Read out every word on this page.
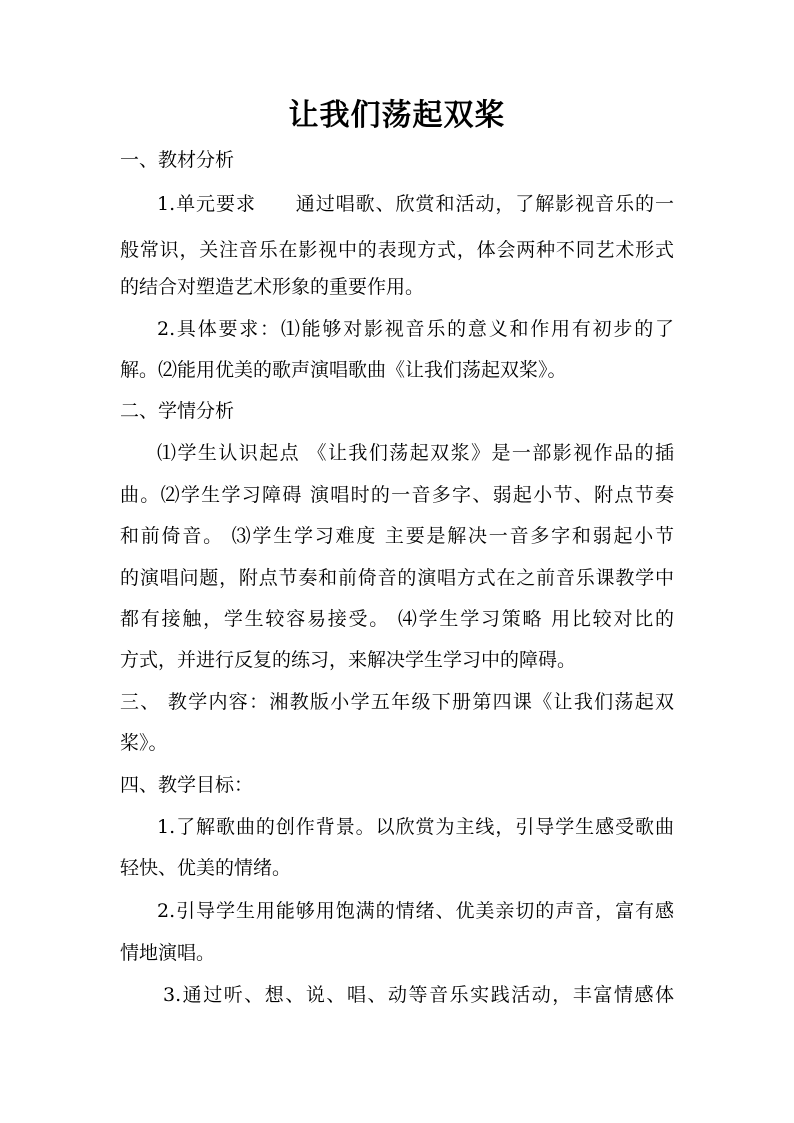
让我们荡起双桨
一、教材分析
1.单元要求　　通过唱歌、欣赏和活动，了解影视音乐的一
般常识，关注音乐在影视中的表现方式，体会两种不同艺术形式
的结合对塑造艺术形象的重要作用。
2.具体要求：⑴能够对影视音乐的意义和作用有初步的了
解。⑵能用优美的歌声演唱歌曲《让我们荡起双桨》。
二、学情分析
⑴学生认识起点 《让我们荡起双浆》是一部影视作品的插
曲。⑵学生学习障碍 演唱时的一音多字、弱起小节、附点节奏
和前倚音。 ⑶学生学习难度 主要是解决一音多字和弱起小节
的演唱问题，附点节奏和前倚音的演唱方式在之前音乐课教学中
都有接触，学生较容易接受。 ⑷学生学习策略 用比较对比的
方式，并进行反复的练习，来解决学生学习中的障碍。
三、 教学内容：湘教版小学五年级下册第四课《让我们荡起双
桨》。
四、教学目标：
1.了解歌曲的创作背景。以欣赏为主线，引导学生感受歌曲
轻快、优美的情绪。
2.引导学生用能够用饱满的情绪、优美亲切的声音，富有感
情地演唱。
3.通过听、想、说、唱、动等音乐实践活动，丰富情感体
